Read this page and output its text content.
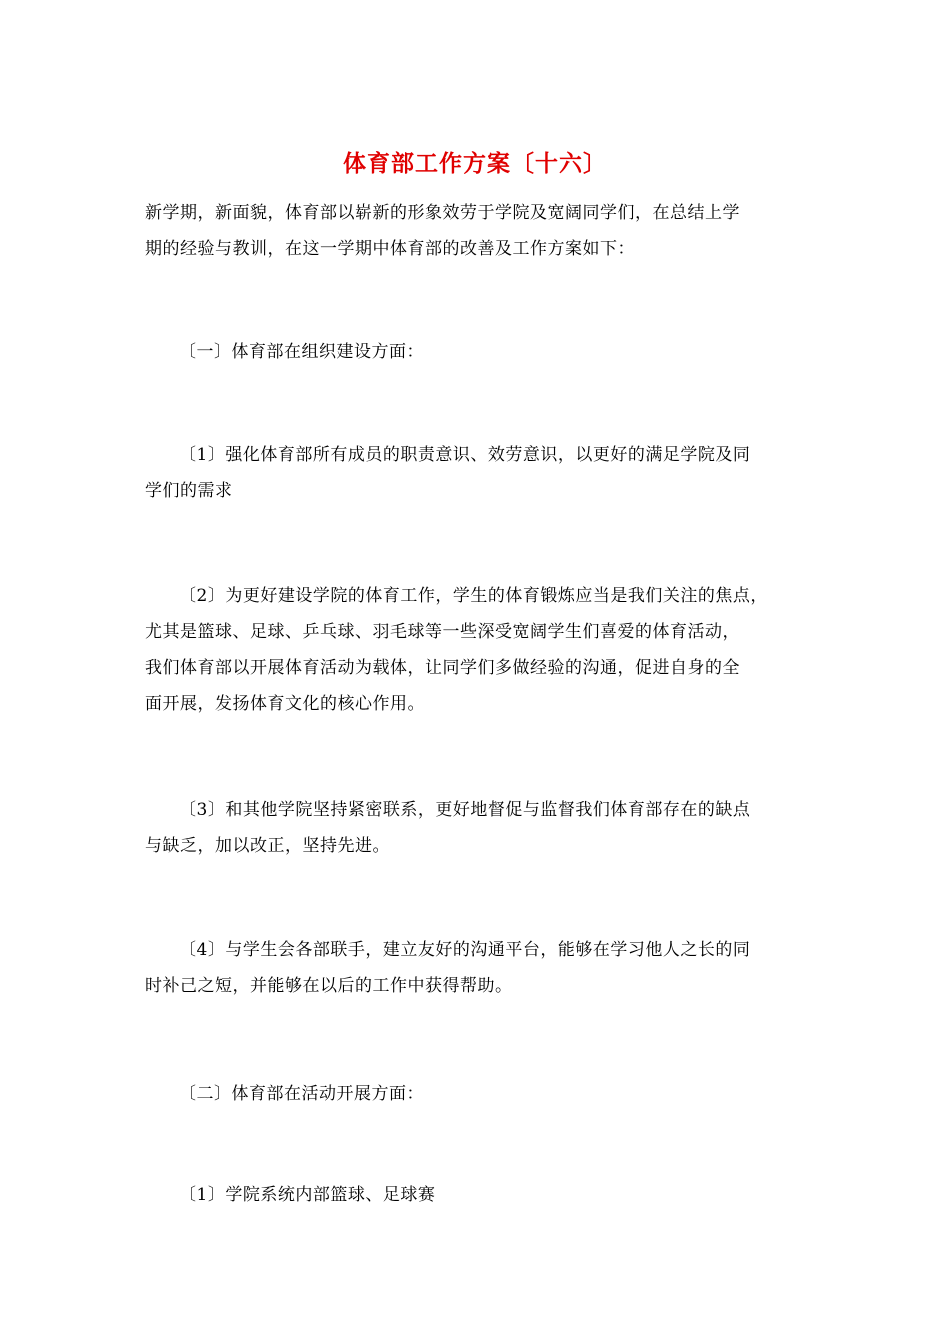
体育部工作方案〔十六〕
新学期，新面貌，体育部以崭新的形象效劳于学院及宽阔同学们，在总结上学
期的经验与教训，在这一学期中体育部的改善及工作方案如下：
〔一〕体育部在组织建设方面：
〔1〕强化体育部所有成员的职责意识、效劳意识，以更好的满足学院及同
学们的需求
〔2〕为更好建设学院的体育工作，学生的体育锻炼应当是我们关注的焦点，
尤其是篮球、足球、乒乓球、羽毛球等一些深受宽阔学生们喜爱的体育活动，
我们体育部以开展体育活动为载体，让同学们多做经验的沟通，促进自身的全
面开展，发扬体育文化的核心作用。
〔3〕和其他学院坚持紧密联系，更好地督促与监督我们体育部存在的缺点
与缺乏，加以改正，坚持先进。
〔4〕与学生会各部联手，建立友好的沟通平台，能够在学习他人之长的同
时补己之短，并能够在以后的工作中获得帮助。
〔二〕体育部在活动开展方面：
〔1〕学院系统内部篮球、足球赛
